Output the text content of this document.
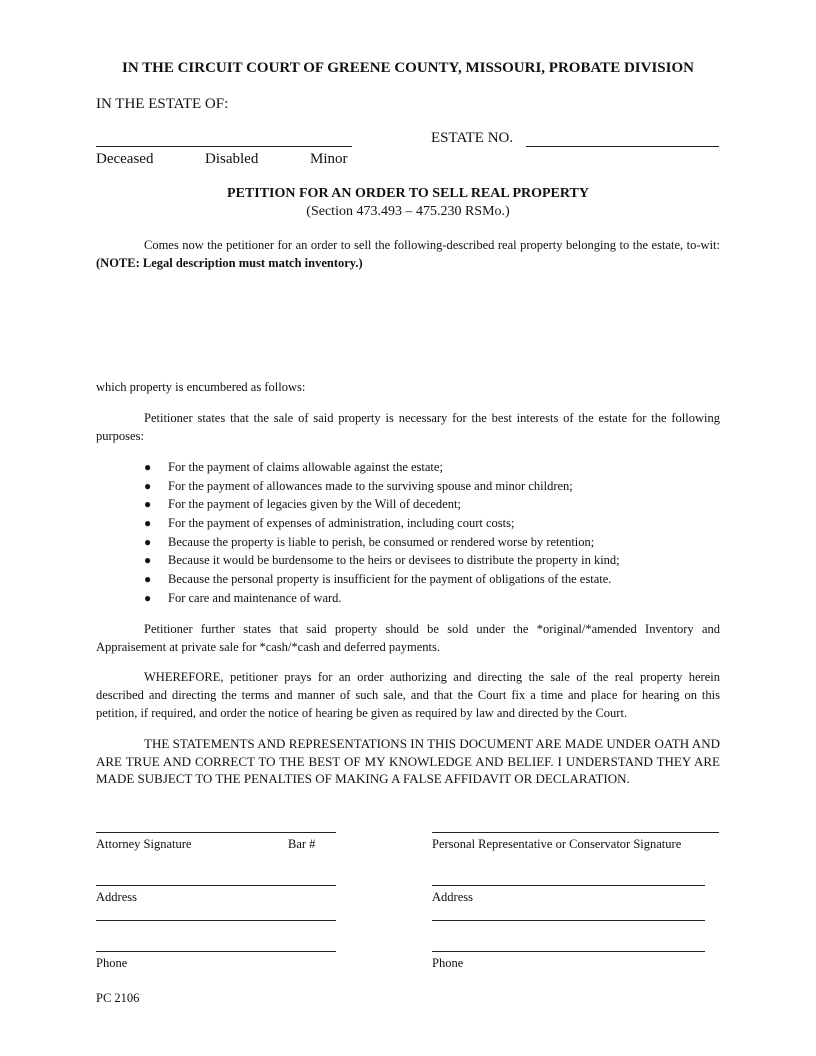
IN THE CIRCUIT COURT OF GREENE COUNTY, MISSOURI, PROBATE DIVISION
IN THE ESTATE OF:
ESTATE NO.
Deceased	Disabled	Minor
PETITION FOR AN ORDER TO SELL REAL PROPERTY
(Section 473.493 – 475.230 RSMo.)
Comes now the petitioner for an order to sell the following-described real property belonging to the estate, to-wit: (NOTE: Legal description must match inventory.)
which property is encumbered as follows:
Petitioner states that the sale of said property is necessary for the best interests of the estate for the following purposes:
● For the payment of claims allowable against the estate;
● For the payment of allowances made to the surviving spouse and minor children;
● For the payment of legacies given by the Will of decedent;
● For the payment of expenses of administration, including court costs;
● Because the property is liable to perish, be consumed or rendered worse by retention;
● Because it would be burdensome to the heirs or devisees to distribute the property in kind;
● Because the personal property is insufficient for the payment of obligations of the estate.
● For care and maintenance of ward.
Petitioner further states that said property should be sold under the *original/*amended Inventory and Appraisement at private sale for *cash/*cash and deferred payments.
WHEREFORE, petitioner prays for an order authorizing and directing the sale of the real property herein described and directing the terms and manner of such sale, and that the Court fix a time and place for hearing on this petition, if required, and order the notice of hearing be given as required by law and directed by the Court.
THE STATEMENTS AND REPRESENTATIONS IN THIS DOCUMENT ARE MADE UNDER OATH AND ARE TRUE AND CORRECT TO THE BEST OF MY KNOWLEDGE AND BELIEF. I UNDERSTAND THEY ARE MADE SUBJECT TO THE PENALTIES OF MAKING A FALSE AFFIDAVIT OR DECLARATION.
Attorney Signature	Bar #	Personal Representative or Conservator Signature
Address	Address
Phone	Phone
PC 2106
